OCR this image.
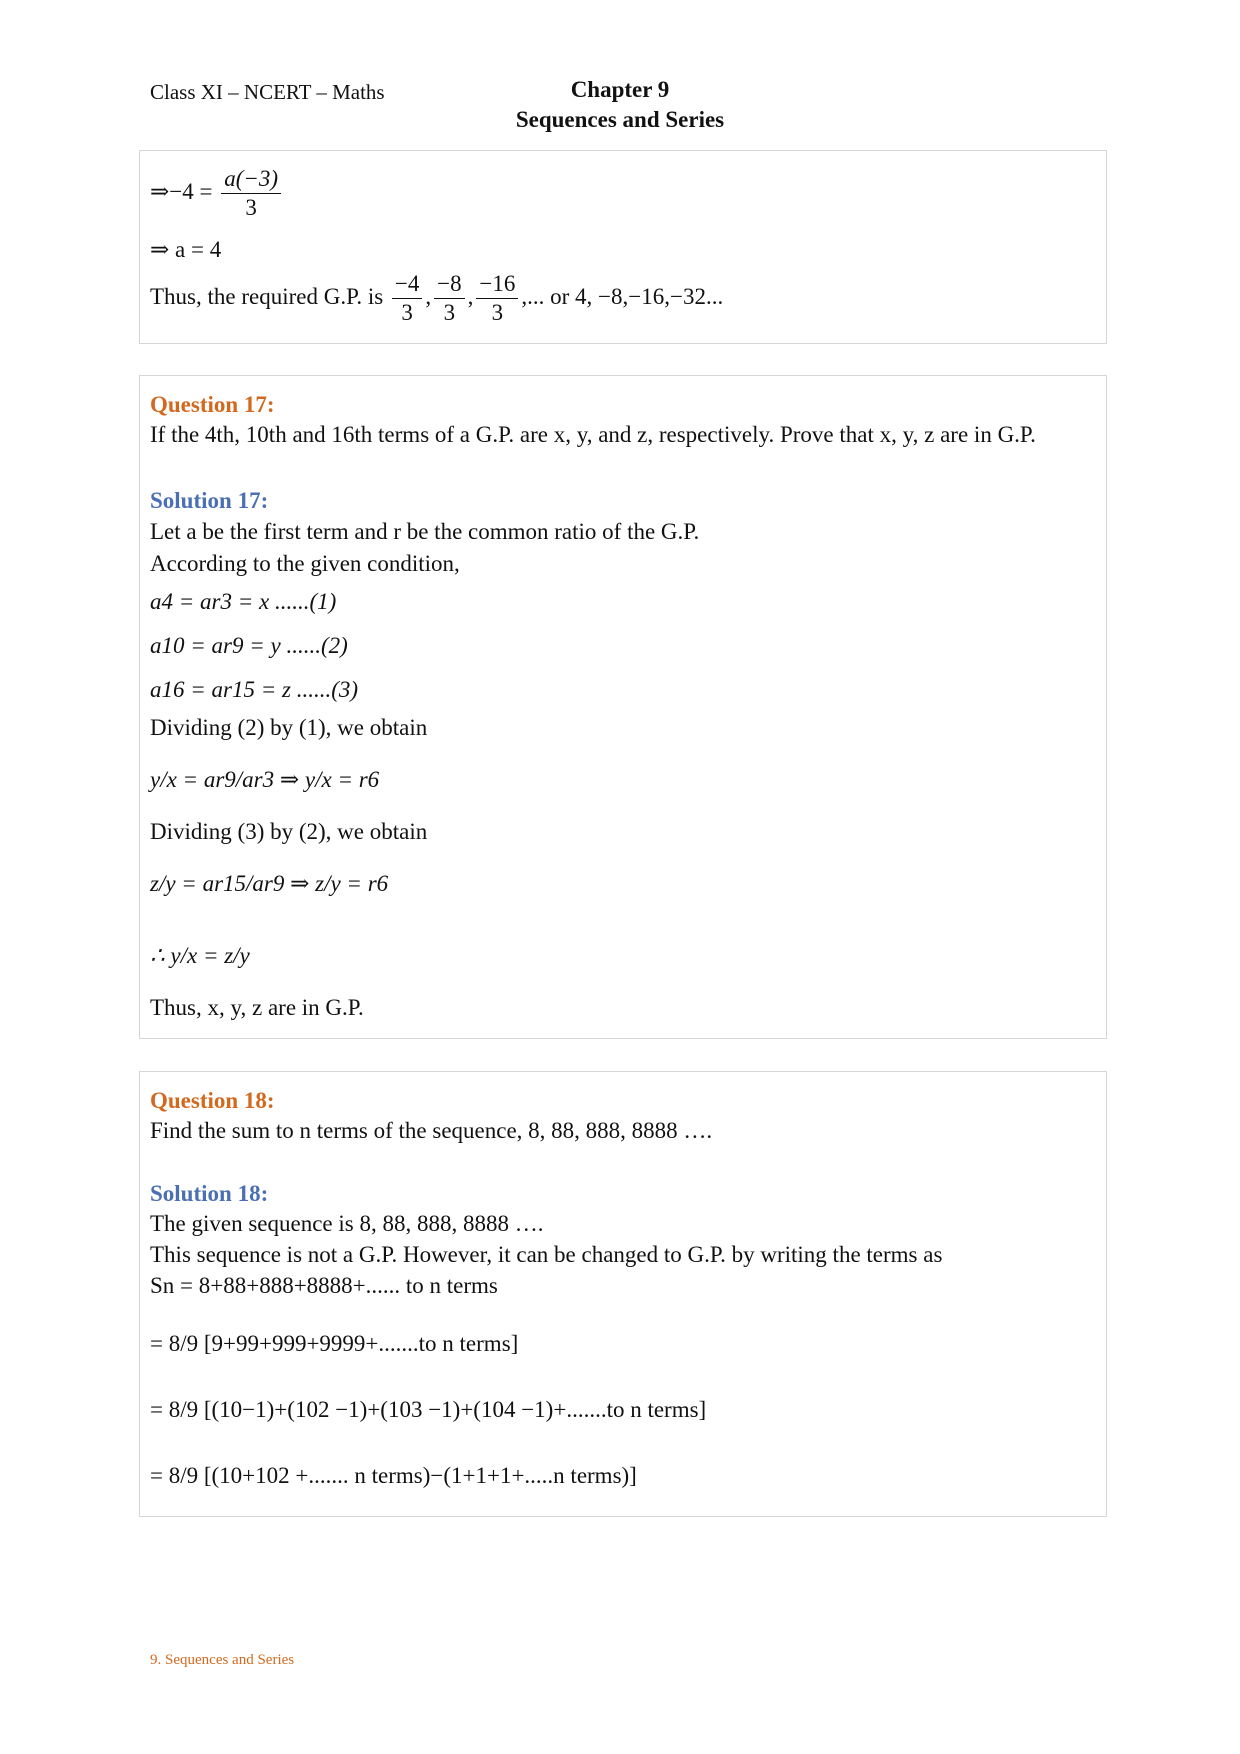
Class XI – NCERT – Maths	Chapter 9
Sequences and Series
⇒−4 = $\frac{a(-3)}{3}$
⇒ a = 4
Thus, the required G.P. is $\frac{-4}{3}$ , $\frac{-8}{3}$ , $\frac{-16}{3}$ ,... or 4, −8,−16,−32...
Question 17:
If the 4th, 10th and 16th terms of a G.P. are x, y, and z, respectively. Prove that x, y, z are in G.P.
Solution 17:
Let a be the first term and r be the common ratio of the G.P.
According to the given condition,
a4 = ar3 = x ......(1)
a10 = ar9 = y ......(2)
a16 = ar15 = z ......(3)
Dividing (2) by (1), we obtain
y/x = ar9/ar3 ⇒ y/x = r6
Dividing (3) by (2), we obtain
z/y = ar15/ar9 ⇒ z/y = r6
∴ y/x = z/y
Thus, x, y, z are in G.P.
Question 18:
Find the sum to n terms of the sequence, 8, 88, 888, 8888 ….
Solution 18:
The given sequence is 8, 88, 888, 8888 ….
This sequence is not a G.P. However, it can be changed to G.P. by writing the terms as
Sn = 8+88+888+8888+...... to n terms
= 8/9 [9+99+999+9999+.......to n terms]
= 8/9 [(10−1)+(102 −1)+(103 −1)+(104 −1)+.......to n terms]
= 8/9 [(10+102 +....... n terms)−(1+1+1+.....n terms)]
9. Sequences and Series
